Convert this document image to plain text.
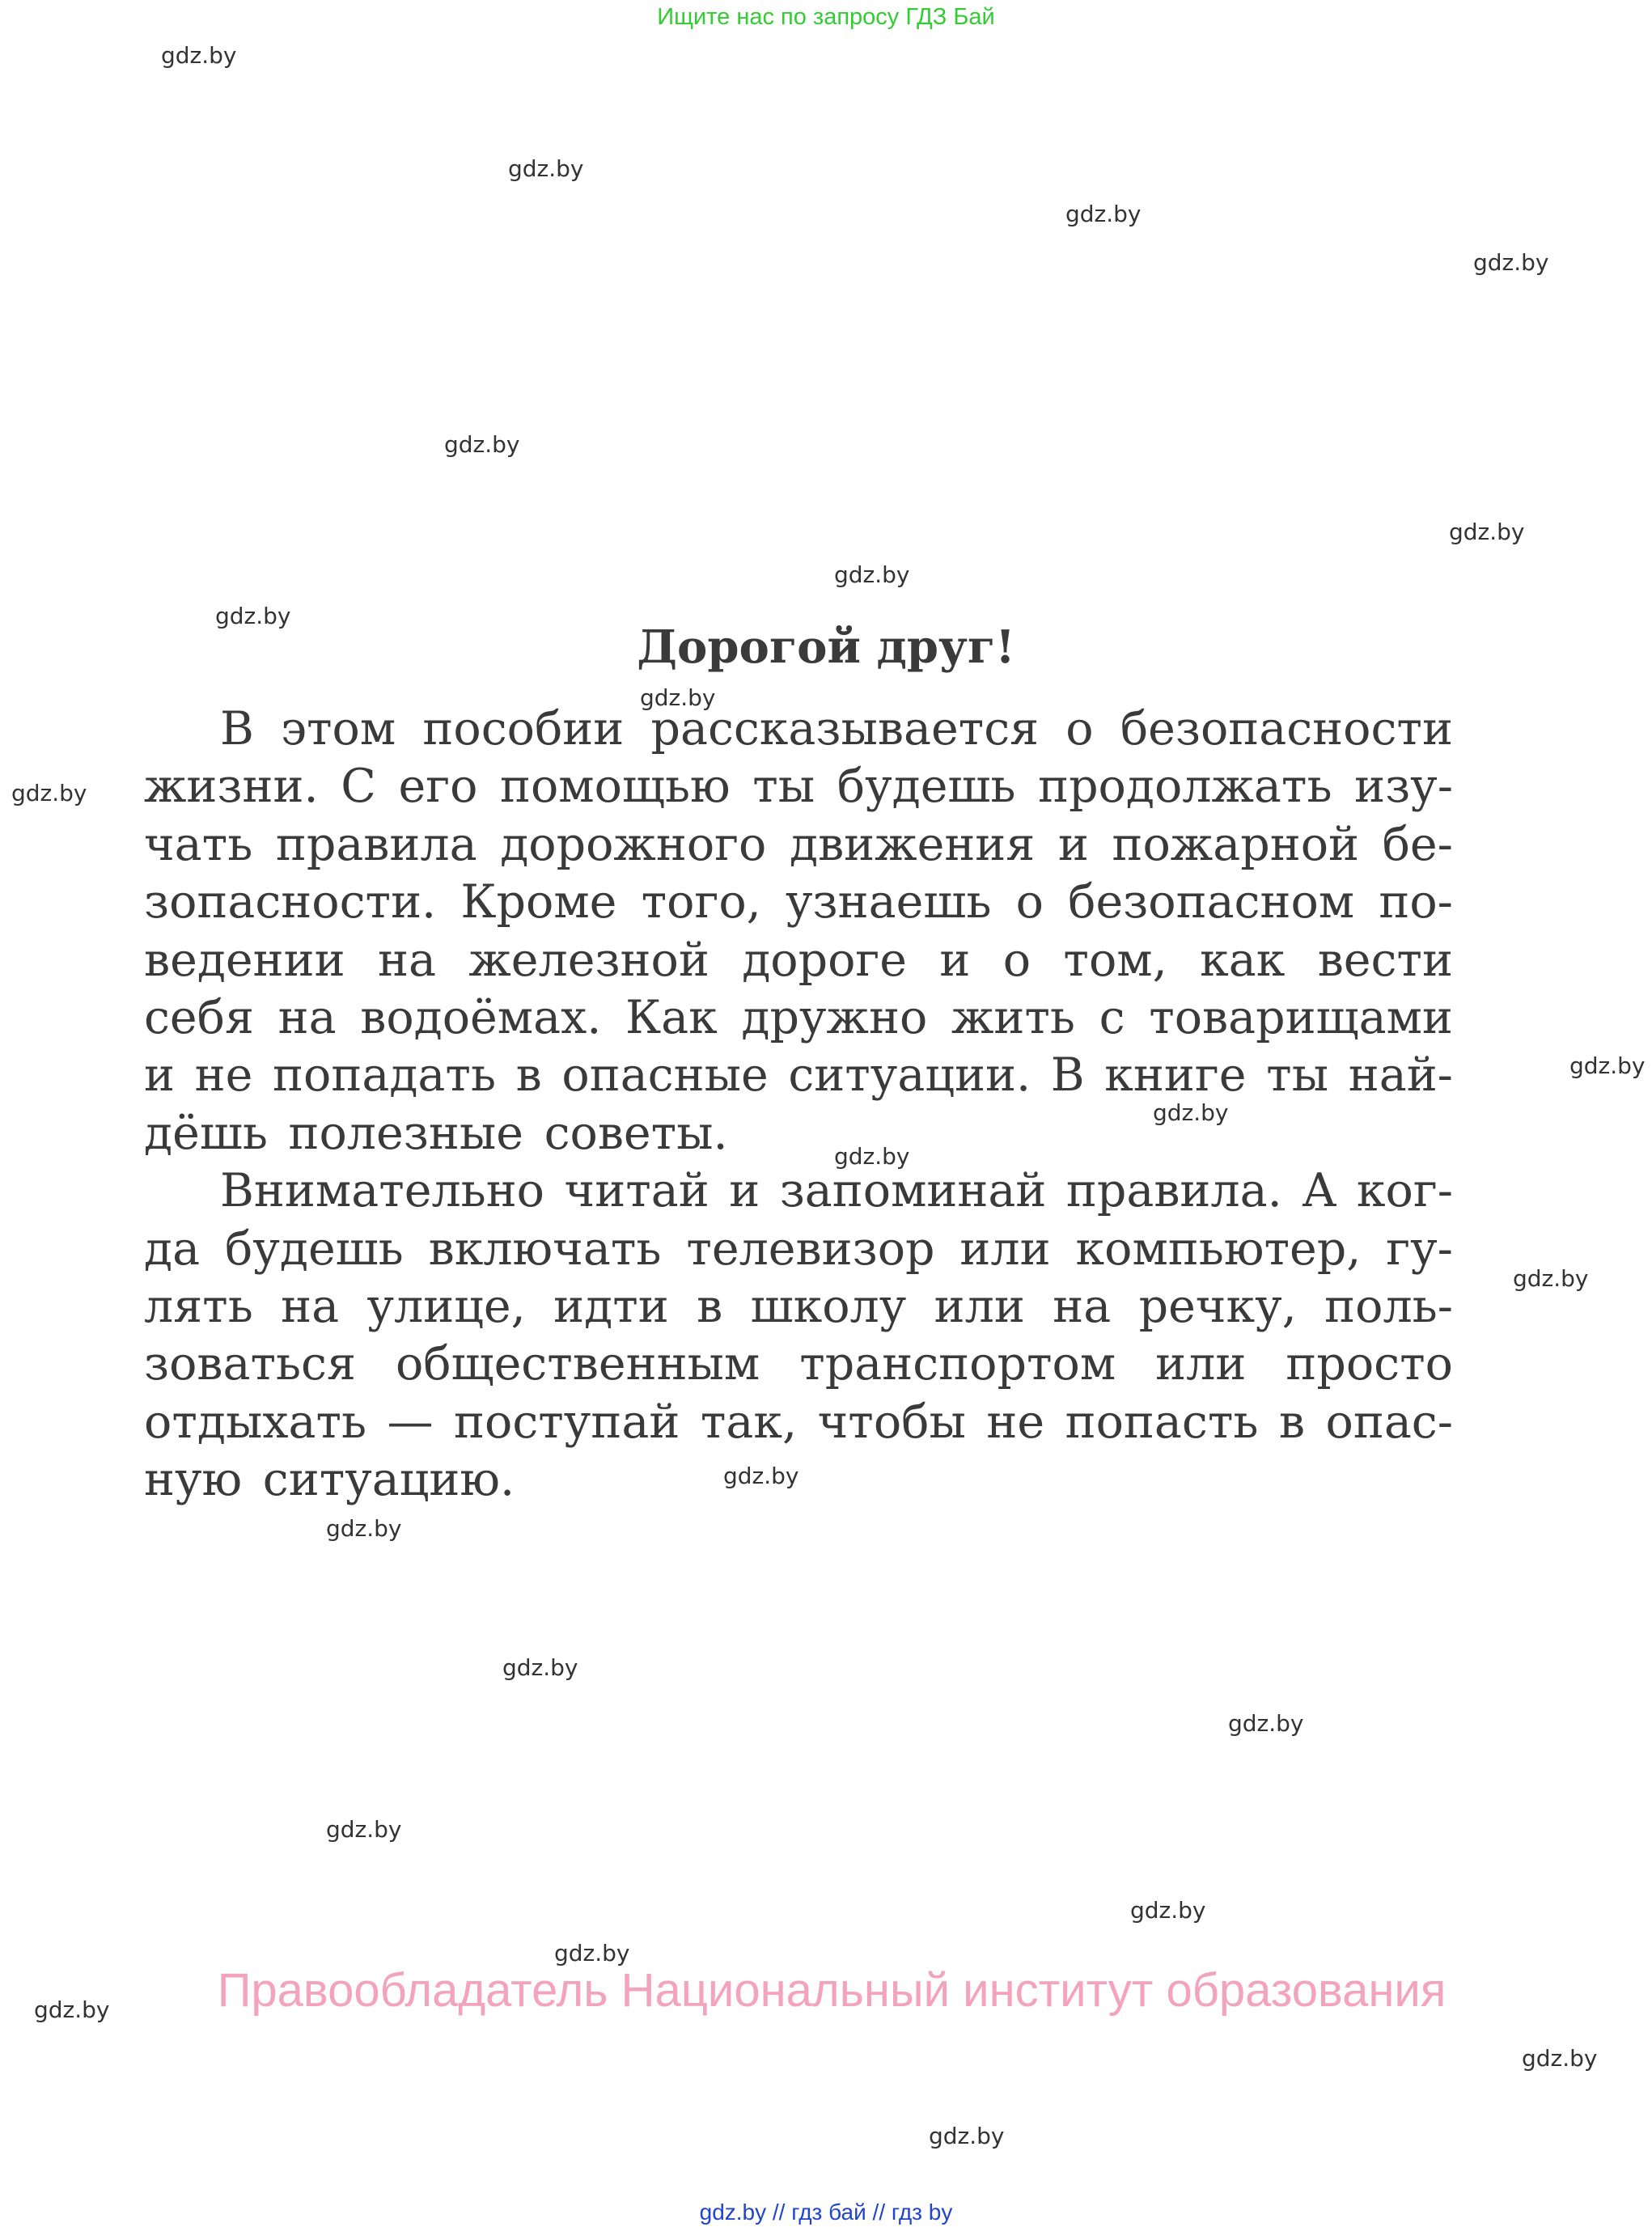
Ищите нас по запросу ГДЗ Бай
gdz.by
gdz.by
gdz.by
gdz.by
gdz.by
gdz.by
gdz.by
gdz.by
gdz.by
gdz.by
gdz.by
gdz.by
gdz.by
gdz.by
gdz.by
gdz.by
gdz.by
gdz.by
gdz.by
gdz.by
gdz.by
gdz.by
gdz.by
gdz.by
Дорогой друг!
В этом пособии рассказывается о безопасности
жизни. С его помощью ты будешь продолжать изу-
чать правила дорожного движения и пожарной бе-
зопасности. Кроме того, узнаешь о безопасном по-
ведении на железной дороге и о том, как вести
себя на водоёмах. Как дружно жить с товарищами
и не попадать в опасные ситуации. В книге ты най-
дёшь полезные советы.
Внимательно читай и запоминай правила. А ког-
да будешь включать телевизор или компьютер, гу-
лять на улице, идти в школу или на речку, поль-
зоваться общественным транспортом или просто
отдыхать — поступай так, чтобы не попасть в опас-
ную ситуацию.
Правообладатель Национальный институт образования
gdz.by // гдз бай // гдз by
